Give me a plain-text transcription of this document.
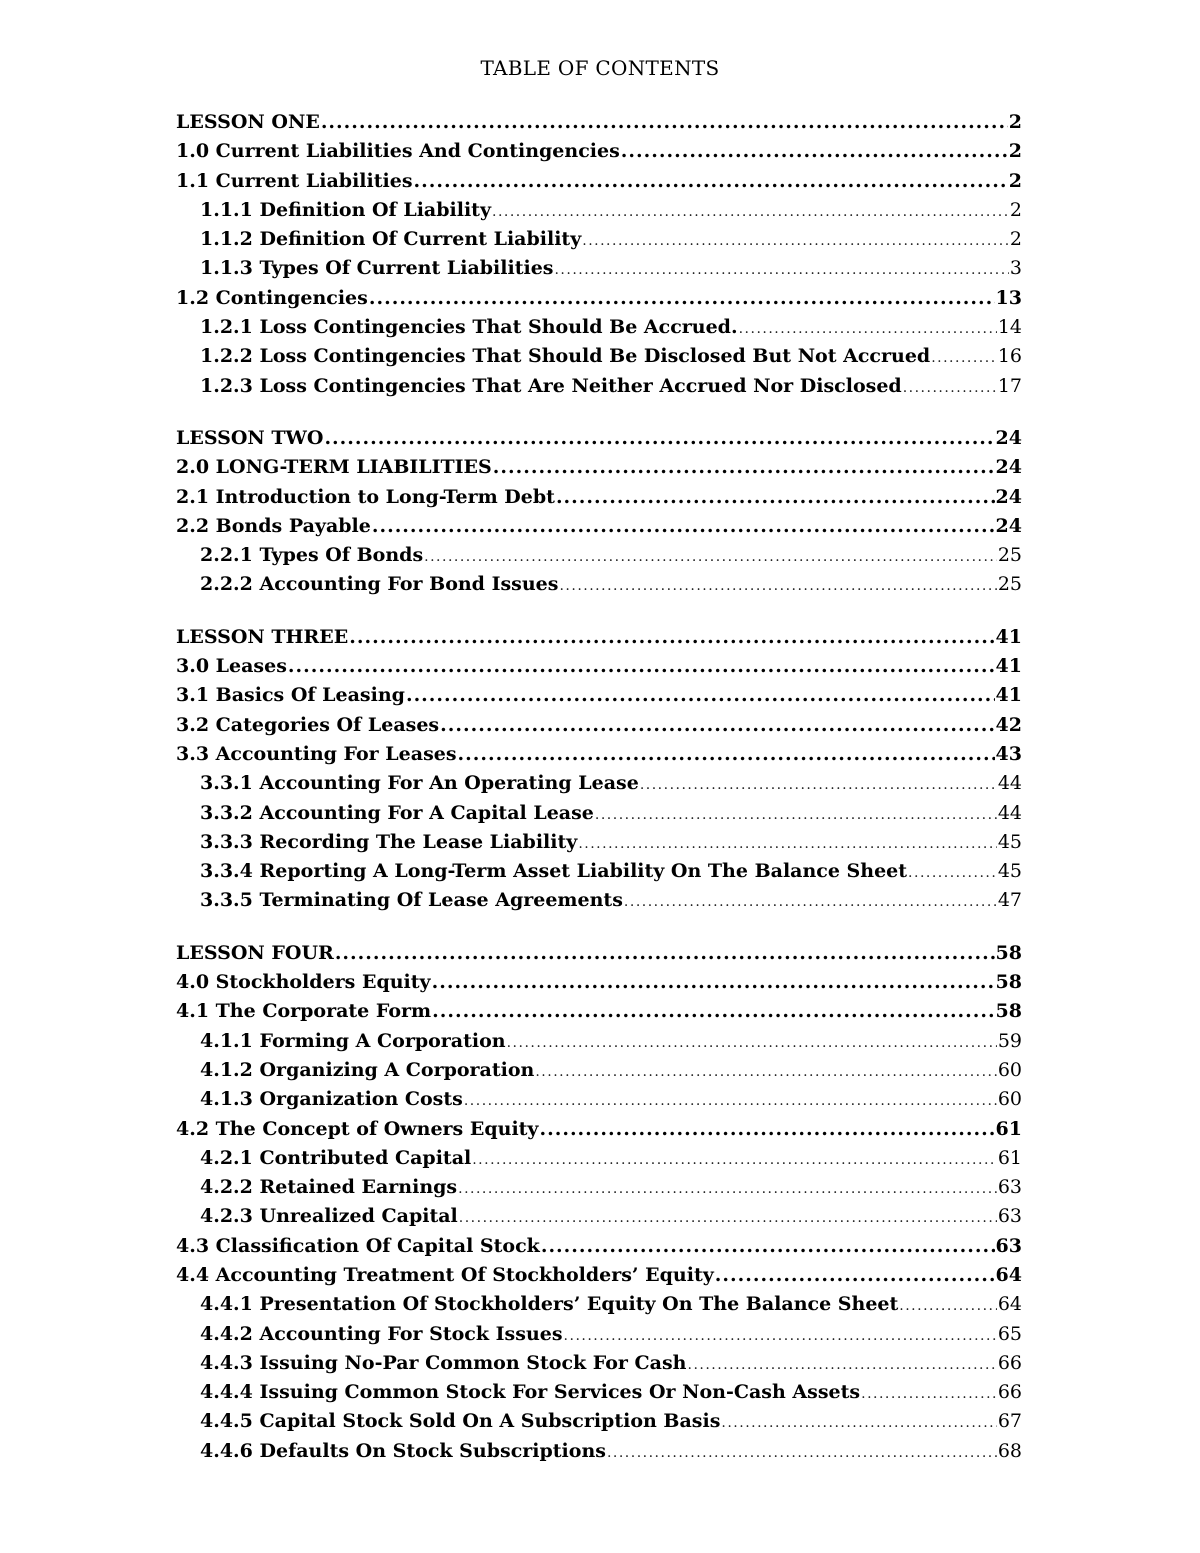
TABLE OF CONTENTS
LESSON ONE .....	2
1.0 Current Liabilities And Contingencies .....	2
1.1 Current Liabilities .....	2
1.1.1 Definition Of Liability .....	2
1.1.2 Definition Of Current Liability .....	2
1.1.3 Types Of Current Liabilities .....	3
1.2 Contingencies .....	13
1.2.1 Loss Contingencies That Should Be Accrued. .....	14
1.2.2 Loss Contingencies That Should Be Disclosed But Not Accrued .....	16
1.2.3 Loss Contingencies That Are Neither Accrued Nor Disclosed .....	17
LESSON TWO .....	24
2.0 LONG-TERM LIABILITIES .....	24
2.1 Introduction to Long-Term Debt .....	24
2.2 Bonds Payable .....	24
2.2.1 Types Of Bonds .....	25
2.2.2 Accounting For Bond Issues .....	25
LESSON THREE .....	41
3.0 Leases .....	41
3.1 Basics Of Leasing .....	41
3.2 Categories Of Leases .....	42
3.3 Accounting For Leases .....	43
3.3.1 Accounting For An Operating Lease .....	44
3.3.2 Accounting For A Capital Lease .....	44
3.3.3 Recording The Lease Liability .....	45
3.3.4 Reporting A Long-Term Asset Liability On The Balance Sheet .....	45
3.3.5 Terminating Of Lease Agreements .....	47
LESSON FOUR .....	58
4.0 Stockholders Equity .....	58
4.1 The Corporate Form .....	58
4.1.1 Forming A Corporation .....	59
4.1.2 Organizing A Corporation .....	60
4.1.3 Organization Costs .....	60
4.2 The Concept of Owners Equity .....	61
4.2.1 Contributed Capital .....	61
4.2.2 Retained Earnings .....	63
4.2.3 Unrealized Capital .....	63
4.3 Classification Of Capital Stock .....	63
4.4 Accounting Treatment Of Stockholders’ Equity .....	64
4.4.1 Presentation Of Stockholders’ Equity On The Balance Sheet .....	64
4.4.2 Accounting For Stock Issues .....	65
4.4.3 Issuing No-Par Common Stock For Cash .....	66
4.4.4 Issuing Common Stock For Services Or Non-Cash Assets .....	66
4.4.5 Capital Stock Sold On A Subscription Basis .....	67
4.4.6 Defaults On Stock Subscriptions .....	68
